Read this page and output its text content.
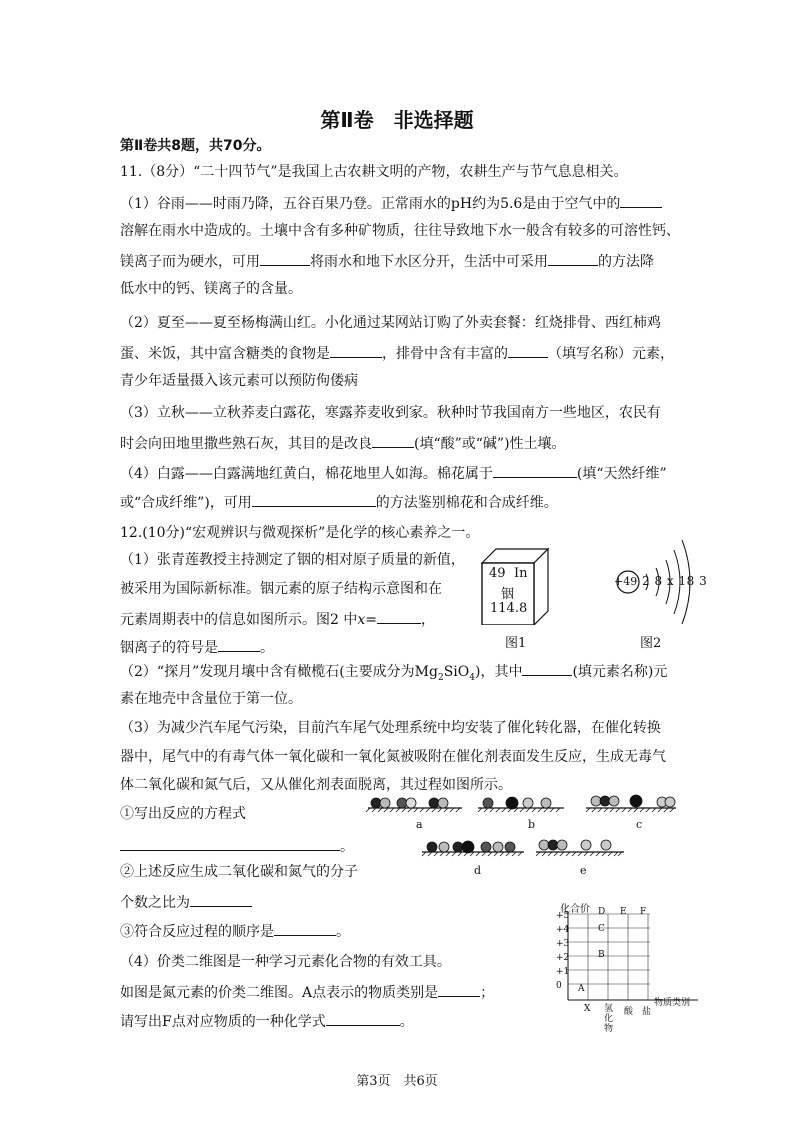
第Ⅱ卷　非选择题
第Ⅱ卷共8题，共70分。
11.（8分）“二十四节气”是我国上古农耕文明的产物，农耕生产与节气息息相关。
（1）谷雨——时雨乃降，五谷百果乃登。正常雨水的pH约为5.6是由于空气中的
溶解在雨水中造成的。土壤中含有多种矿物质，往往导致地下水一般含有较多的可溶性钙、
镁离子而为硬水，可用	将雨水和地下水区分开，生活中可采用	的方法降
低水中的钙、镁离子的含量。
（2）夏至——夏至杨梅满山红。小化通过某网站订购了外卖套餐：红烧排骨、西红柿鸡
蛋、米饭，其中富含糖类的食物是	，排骨中含有丰富的	（填写名称）元素，
青少年适量摄入该元素可以预防佝偻病
（3）立秋——立秋荞麦白露花，寒露荞麦收到家。秋种时节我国南方一些地区，农民有
时会向田地里撒些熟石灰，其目的是改良	(填“酸”或“碱”)性土壤。
（4）白露——白露满地红黄白，棉花地里人如海。棉花属于	(填“天然纤维”
或“合成纤维”)，可用	的方法鉴别棉花和合成纤维。
12.(10分)“宏观辨识与微观探析”是化学的核心素养之一。
（1）张青莲教授主持测定了铟的相对原子质量的新值，
被采用为国际新标准。铟元素的原子结构示意图和在
元素周期表中的信息如图所示。图2 中x=	，
铟离子的符号是	。
49 In
铟
114.8
图1
+49 2 8 x 18 3
图2
（2）“探月”发现月壤中含有橄榄石(主要成分为$Mg_2SiO_4$)，其中	(填元素名称)元
素在地壳中含量位于第一位。
（3）为减少汽车尾气污染，目前汽车尾气处理系统中均安装了催化转化器，在催化转换
器中，尾气中的有毒气体一氧化碳和一氧化氮被吸附在催化剂表面发生反应，生成无毒气
体二氧化碳和氮气后，又从催化剂表面脱离，其过程如图所示。
①写出反应的方程式
。
②上述反应生成二氧化碳和氮气的分子
个数之比为
③符合反应过程的顺序是	。
a	b	c
d	e
（4）价类二维图是一种学习元素化合物的有效工具。
如图是氮元素的价类二维图。A点表示的物质类别是	；
请写出F点对应物质的一种化学式	。
化合价
+5
+4
+3
+2
+1
0
D E F
C
B
A
X 氢
化
物
酸 盐
物质类别
第3页　共6页
